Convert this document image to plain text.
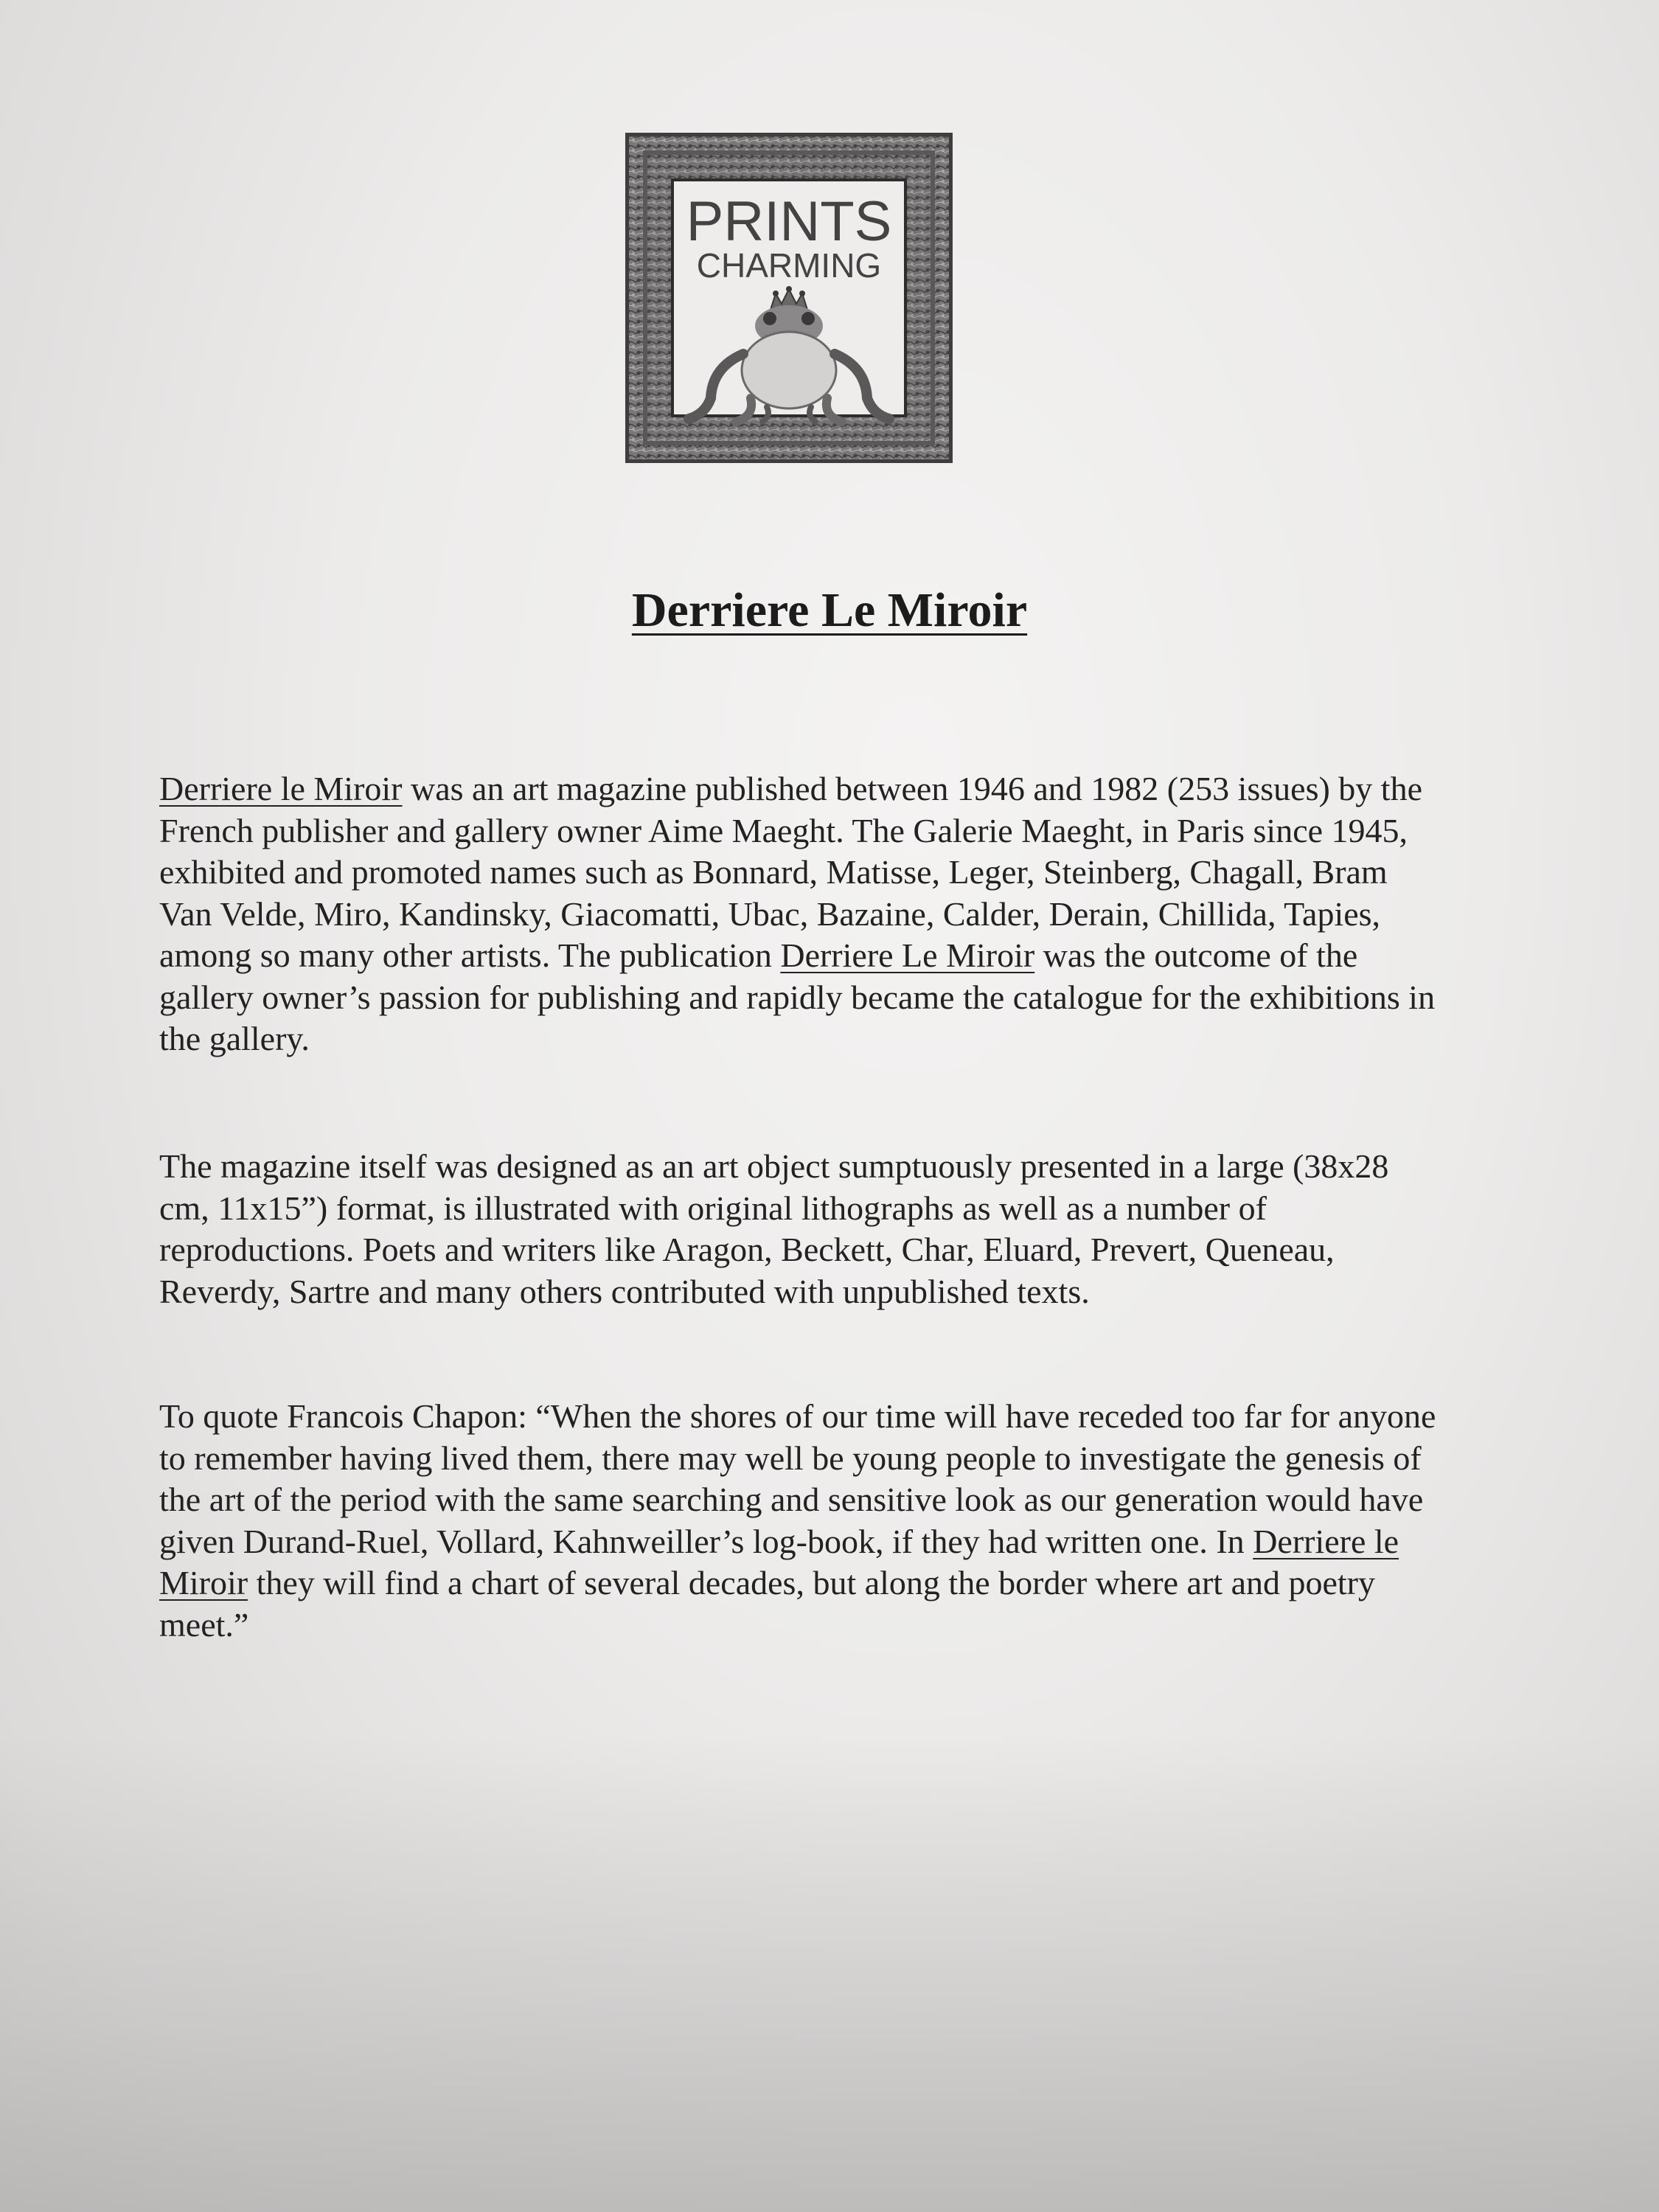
PRINTS
CHARMING
Derriere Le Miroir

Derriere le Miroir was an art magazine published between 1946 and 1982 (253 issues) by the French publisher and gallery owner Aime Maeght. The Galerie Maeght, in Paris since 1945, exhibited and promoted names such as Bonnard, Matisse, Leger, Steinberg, Chagall, Bram Van Velde, Miro, Kandinsky, Giacomatti, Ubac, Bazaine, Calder, Derain, Chillida, Tapies, among so many other artists. The publication Derriere Le Miroir was the outcome of the gallery owner’s passion for publishing and rapidly became the catalogue for the exhibitions in the gallery.

The magazine itself was designed as an art object sumptuously presented in a large (38x28 cm, 11x15”) format, is illustrated with original lithographs as well as a number of reproductions. Poets and writers like Aragon, Beckett, Char, Eluard, Prevert, Queneau, Reverdy, Sartre and many others contributed with unpublished texts.

To quote Francois Chapon: “When the shores of our time will have receded too far for anyone to remember having lived them, there may well be young people to investigate the genesis of the art of the period with the same searching and sensitive look as our generation would have given Durand-Ruel, Vollard, Kahnweiller’s log-book, if they had written one. In Derriere le Miroir they will find a chart of several decades, but along the border where art and poetry meet.”
